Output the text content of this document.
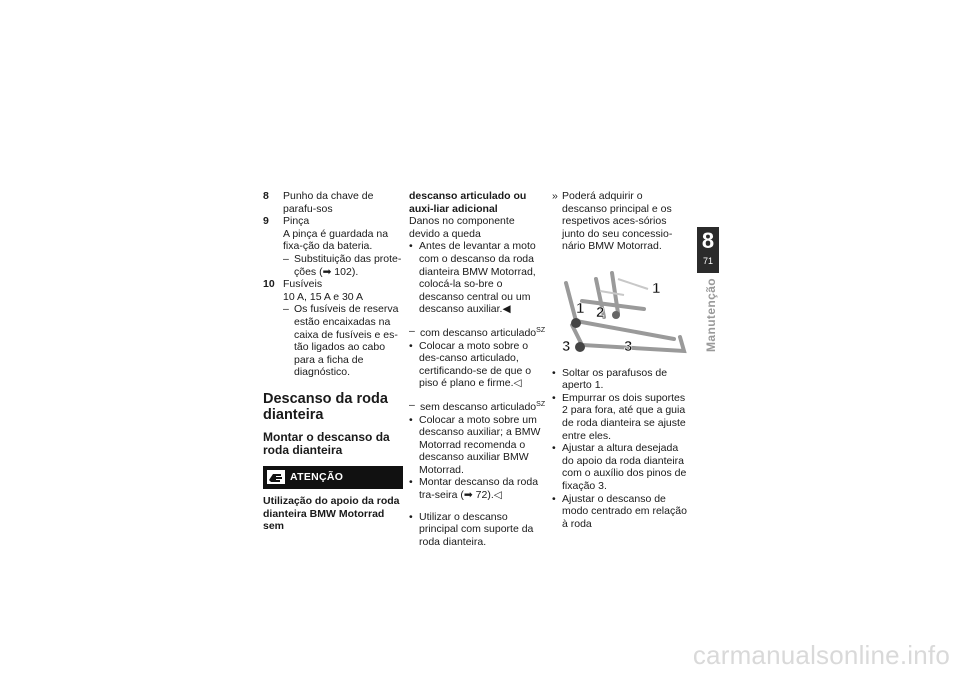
8 Punho da chave de parafu-sos
9 Pinça
A pinça é guardada na fixa-ção da bateria.
– Substituição das prote-ções (➡ 102).
10 Fusíveis
10 A, 15 A e 30 A
– Os fusíveis de reserva estão encaixadas na caixa de fusíveis e es-tão ligados ao cabo para a ficha de diagnóstico.
Descanso da roda dianteira
Montar o descanso da roda dianteira
ATENÇÃO
Utilização do apoio da roda dianteira BMW Motorrad sem
descanso articulado ou auxi-liar adicional
Danos no componente devido a queda
• Antes de levantar a moto com o descanso da roda dianteira BMW Motorrad, colocá-la so-bre o descanso central ou um descanso auxiliar.◀
– com descanso articulado$^{SZ}$
• Colocar a moto sobre o des-canso articulado, certificando-se de que o piso é plano e firme.◁
– sem descanso articulado$^{SZ}$
• Colocar a moto sobre um descanso auxiliar; a BMW Motorrad recomenda o descanso auxiliar BMW Motorrad.
• Montar descanso da roda tra-seira (➡ 72).◁
• Utilizar o descanso principal com suporte da roda dianteira.
» Poderá adquirir o descanso principal e os respetivos aces-sórios junto do seu concessio-nário BMW Motorrad.
1
1 2
3	3
• Soltar os parafusos de aperto 1.
• Empurrar os dois suportes 2 para fora, até que a guia de roda dianteira se ajuste entre eles.
• Ajustar a altura desejada do apoio da roda dianteira com o auxílio dos pinos de fixação 3.
• Ajustar o descanso de modo centrado em relação à roda
8
71
Manutenção
carmanualsonline.info
